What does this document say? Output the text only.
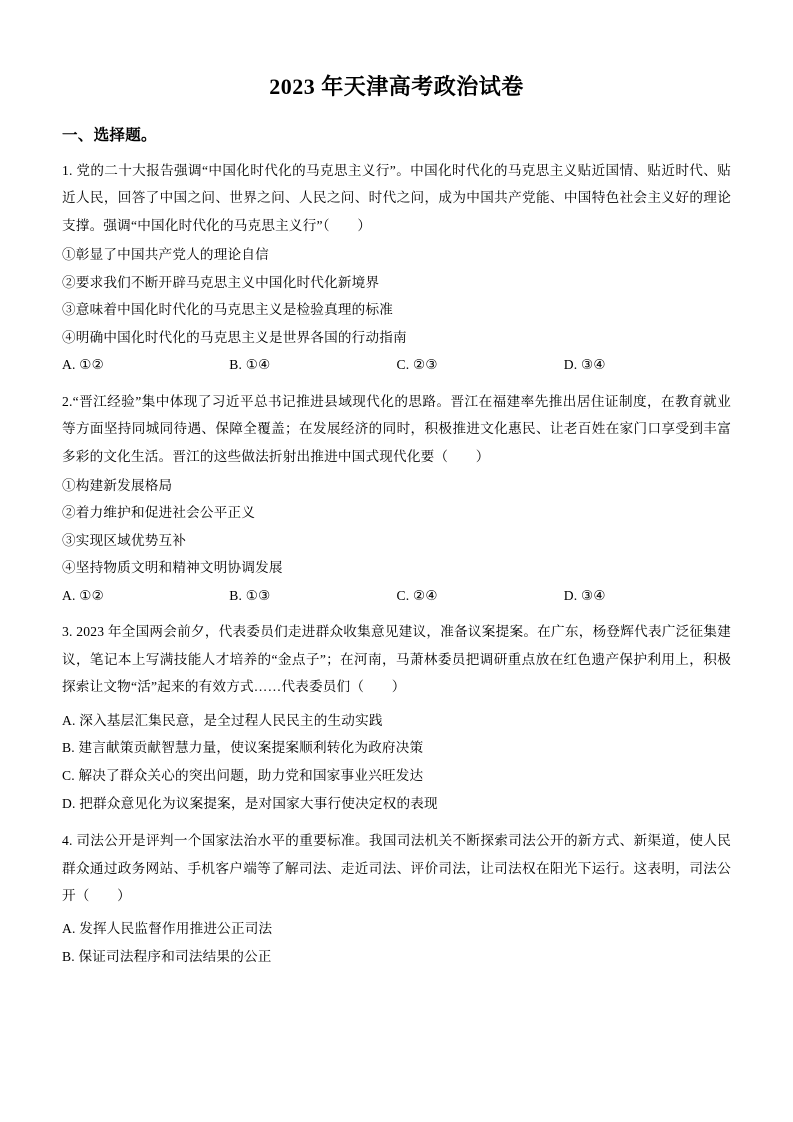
2023 年天津高考政治试卷
一、选择题。

1. 党的二十大报告强调“中国化时代化的马克思主义行”。中国化时代化的马克思主义贴近国情、贴近时代、贴近人民，回答了中国之问、世界之问、人民之问、时代之问，成为中国共产党能、中国特色社会主义好的理论支撑。强调“中国化时代化的马克思主义行”（　　）

①彰显了中国共产党人的理论自信

②要求我们不断开辟马克思主义中国化时代化新境界

③意味着中国化时代化的马克思主义是检验真理的标准

④明确中国化时代化的马克思主义是世界各国的行动指南

A. ①②	B. ①④	C. ②③	D. ③④

2.“晋江经验”集中体现了习近平总书记推进县域现代化的思路。晋江在福建率先推出居住证制度，在教育就业等方面坚持同城同待遇、保障全覆盖；在发展经济的同时，积极推进文化惠民、让老百姓在家门口享受到丰富多彩的文化生活。晋江的这些做法折射出推进中国式现代化要（　　）

①构建新发展格局

②着力维护和促进社会公平正义

③实现区域优势互补

④坚持物质文明和精神文明协调发展

A. ①②	B. ①③	C. ②④	D. ③④

3. 2023 年全国两会前夕，代表委员们走进群众收集意见建议，准备议案提案。在广东，杨登辉代表广泛征集建议，笔记本上写满技能人才培养的“金点子”；在河南，马萧林委员把调研重点放在红色遗产保护利用上，积极探索让文物“活”起来的有效方式……代表委员们（　　）

A. 深入基层汇集民意，是全过程人民民主的生动实践

B. 建言献策贡献智慧力量，使议案提案顺利转化为政府决策

C. 解决了群众关心的突出问题，助力党和国家事业兴旺发达

D. 把群众意见化为议案提案，是对国家大事行使决定权的表现

4. 司法公开是评判一个国家法治水平的重要标准。我国司法机关不断探索司法公开的新方式、新渠道，使人民群众通过政务网站、手机客户端等了解司法、走近司法、评价司法，让司法权在阳光下运行。这表明，司法公开（　　）

A. 发挥人民监督作用推进公正司法

B. 保证司法程序和司法结果的公正
